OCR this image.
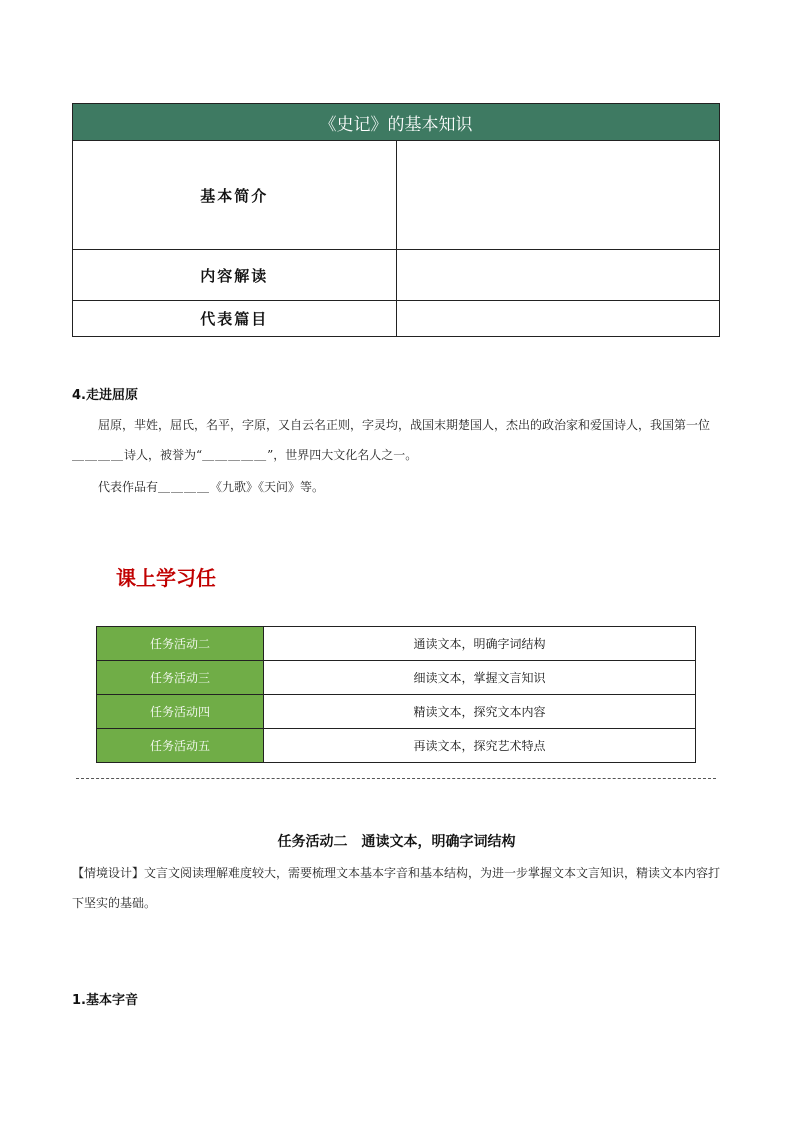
《史记》的基本知识	
基本简介	
内容解读	
代表篇目	
4.走进屈原
屈原，芈姓，屈氏，名平，字原，又自云名正则，字灵均，战国末期楚国人，杰出的政治家和爱国诗人，我国第一位＿＿＿＿诗人，被誉为“＿＿＿＿＿”，世界四大文化名人之一。
代表作品有＿＿＿＿《九歌》《天问》等。
课上学习任
任务活动二	通读文本，明确字词结构
任务活动三	细读文本，掌握文言知识
任务活动四	精读文本，探究文本内容
任务活动五	再读文本，探究艺术特点
任务活动二　通读文本，明确字词结构
【情境设计】文言文阅读理解难度较大，需要梳理文本基本字音和基本结构，为进一步掌握文本文言知识，精读文本内容打下坚实的基础。
1.基本字音
